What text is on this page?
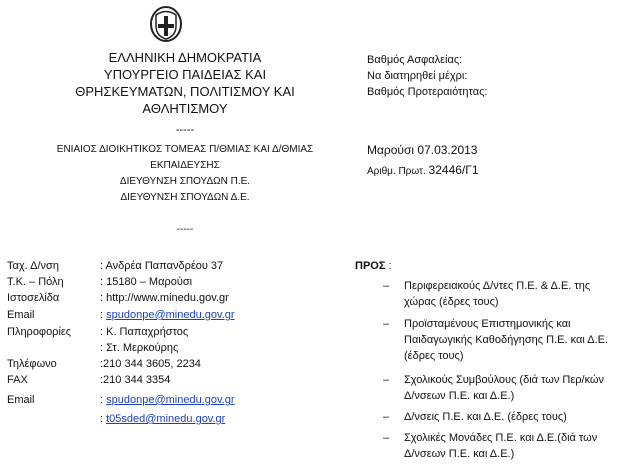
ΕΛΛΗΝΙΚΗ ΔΗΜΟΚΡΑΤΙΑ
ΥΠΟΥΡΓΕΙΟ ΠΑΙΔΕΙΑΣ ΚΑΙ
ΘΡΗΣΚΕΥΜΑΤΩΝ, ΠΟΛΙΤΙΣΜΟΥ ΚΑΙ
ΑΘΛΗΤΙΣΜΟΥ
-----
ΕΝΙΑΙΟΣ ΔΙΟΙΚΗΤΙΚΟΣ ΤΟΜΕΑΣ Π/ΘΜΙΑΣ ΚΑΙ Δ/ΘΜΙΑΣ
ΕΚΠΑΙΔΕΥΣΗΣ
ΔΙΕΥΘΥΝΣΗ ΣΠΟΥΔΩΝ Π.Ε.
ΔΙΕΥΘΥΝΣΗ ΣΠΟΥΔΩΝ Δ.Ε.
-----
Βαθμός Ασφαλείας:
Να διατηρηθεί μέχρι:
Βαθμός Προτεραιότητας:
Μαρούσι 07.03.2013
Αριθμ. Πρωτ. 32446/Γ1
Ταχ. Δ/νση	: Ανδρέα Παπανδρέου 37
Τ.Κ. – Πόλη	: 15180 – Μαρούσι
Ιστοσελίδα	: http://www.minedu.gov.gr
Email	: spudonpe@minedu.gov.gr
Πληροφορίες	: Κ. Παπαχρήστος
: Στ. Μερκούρης
Τηλέφωνο	:210 344 3605, 2234
FAX	:210 344 3354
Email	: spudonpe@minedu.gov.gr
: t05sded@minedu.gov.gr
ΠΡΟΣ :
– Περιφερειακούς Δ/ντες Π.Ε. & Δ.Ε. της
χώρας (έδρες τους)
– Προϊσταμένους Επιστημονικής και
Παιδαγωγικής Καθοδήγησης Π.Ε. και Δ.Ε.
(έδρες τους)
– Σχολικούς Συμβούλους (διά των Περ/κών
Δ/νσεων Π.Ε. και Δ.Ε.)
– Δ/νσεις Π.Ε. και Δ.Ε. (έδρες τους)
– Σχολικές Μονάδες Π.Ε. και Δ.Ε.(διά των
Δ/νσεων Π.Ε. και Δ.Ε.)
